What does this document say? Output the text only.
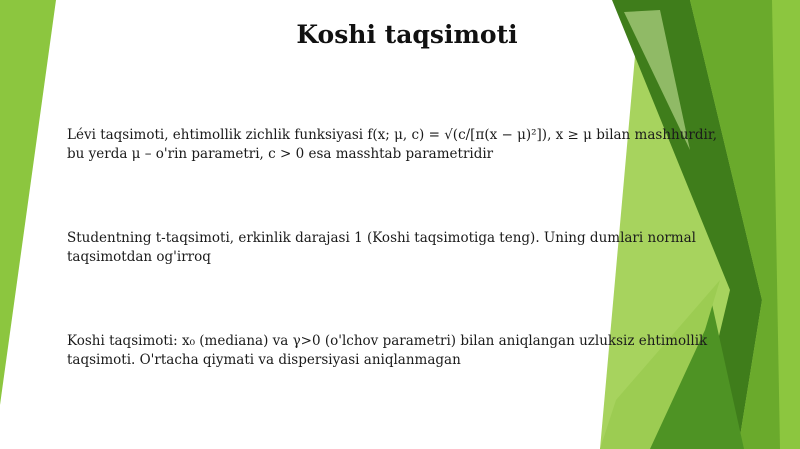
Koshi taqsimoti

Lévi taqsimoti, ehtimollik zichlik funksiyasi f(x; μ, c) = √(c/[π(x − μ)²]), x ≥ μ bilan mashhurdir,
bu yerda μ – o'rin parametri, c > 0 esa masshtab parametridir

Studentning t-taqsimoti, erkinlik darajasi 1 (Koshi taqsimotiga teng). Uning dumlari normal
taqsimotdan og'irroq

Koshi taqsimoti: x₀ (mediana) va γ>0 (o'lchov parametri) bilan aniqlangan uzluksiz ehtimollik
taqsimoti. O'rtacha qiymati va dispersiyasi aniqlanmagan
